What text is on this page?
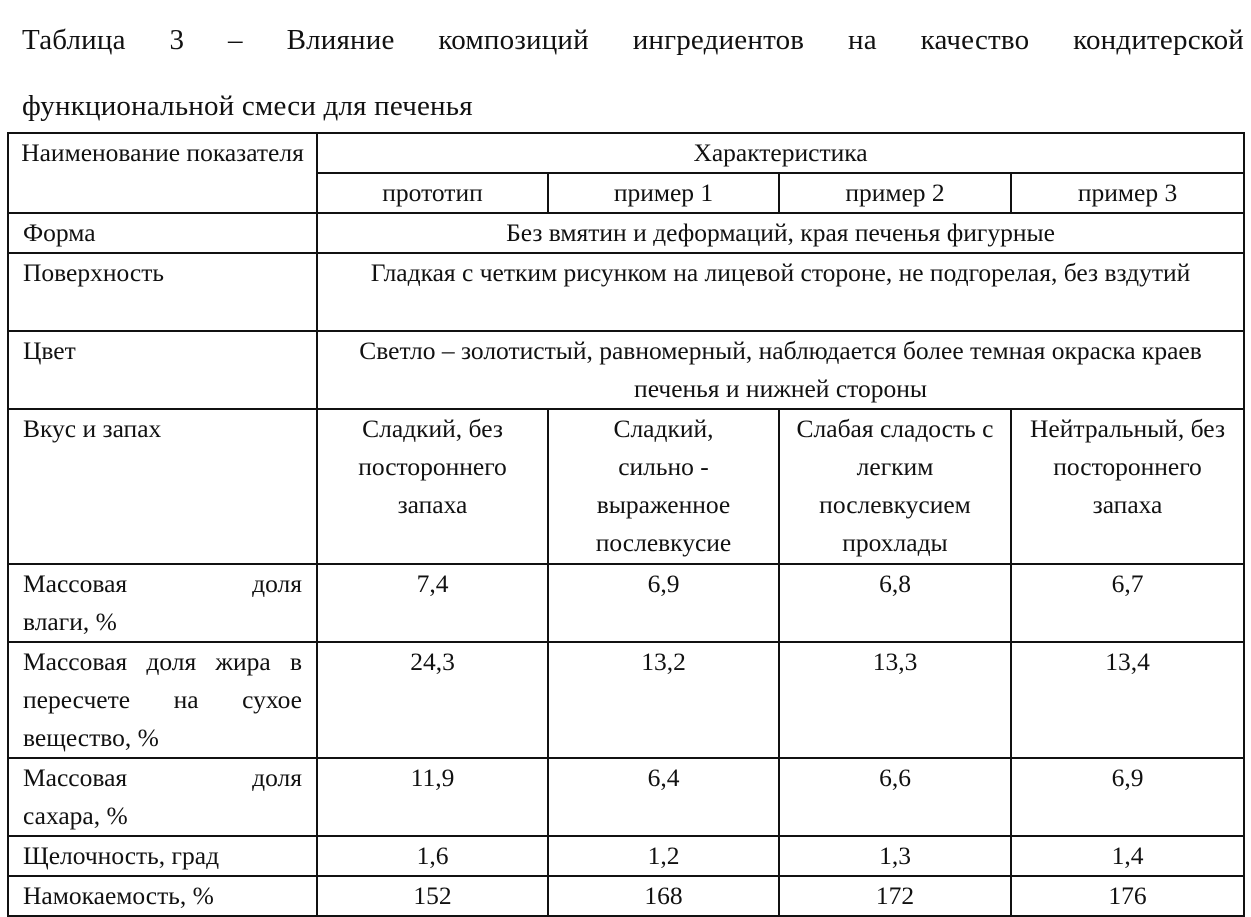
Таблица 3 – Влияние композиций ингредиентов на качество кондитерской
функциональной смеси для печенья
Наименование показателя	Характеристика			
	прототип	пример 1	пример 2	пример 3
Форма	Без вмятин и деформаций, края печенья фигурные			
Поверхность	Гладкая с четким рисунком на лицевой стороне, не подгорелая, без вздутий			
Цвет	Светло – золотистый, равномерный, наблюдается более темная окраска краев печенья и нижней стороны			
Вкус и запах	Сладкий, без постороннего запаха	Сладкий, сильно - выраженное послевкусие	Слабая сладость с легким послевкусием прохлады	Нейтральный, без постороннего запаха

Массовая доля
влаги, %	7,4	6,9	6,8	6,7
Массовая доля жира в пересчете на сухое вещество, %	24,3	13,2	13,3	13,4

Массовая доля
сахара, %	11,9	6,4	6,6	6,9
Щелочность, град	1,6	1,2	1,3	1,4
Намокаемость, %	152	168	172	176
